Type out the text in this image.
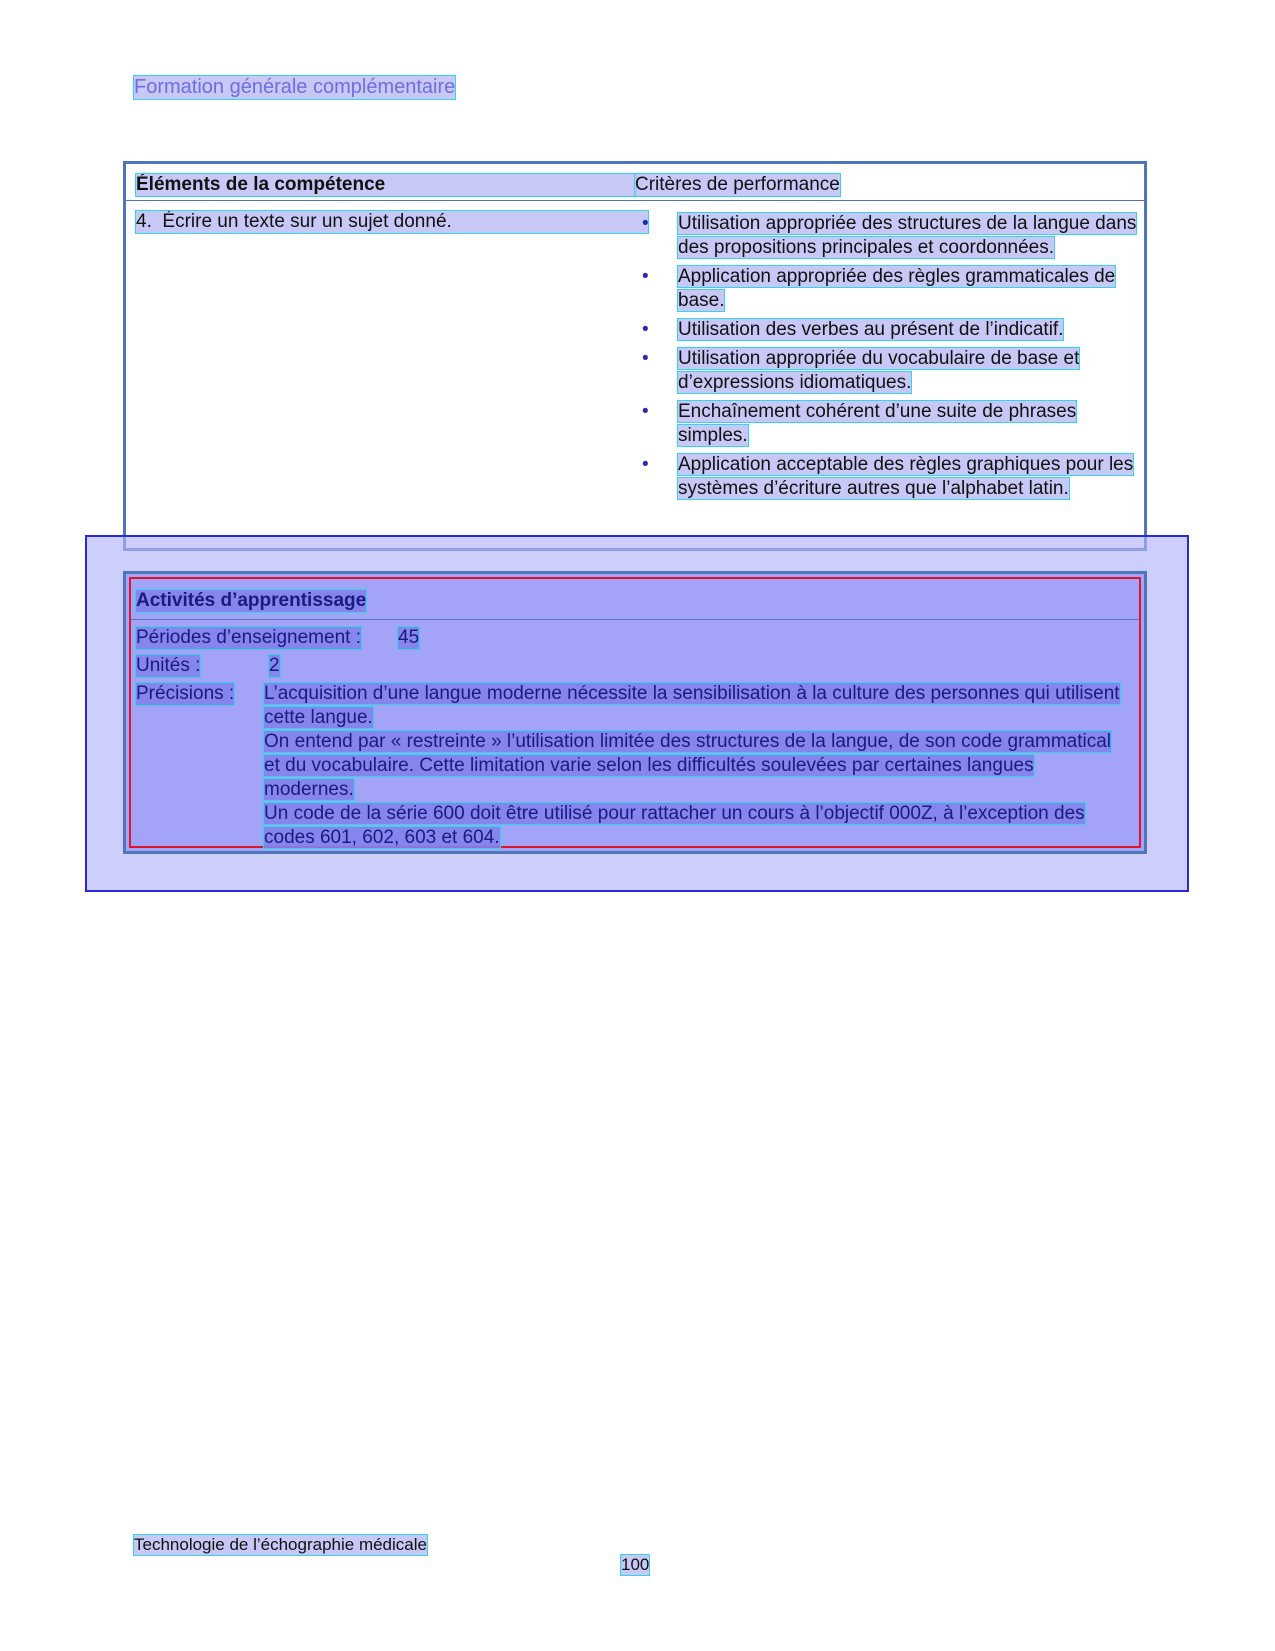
Formation générale complémentaire
Éléments de la compétence	Critères de performance
4.  Écrire un texte sur un sujet donné.	• Utilisation appropriée des structures de la langue dans des propositions principales et coordonnées.
• Application appropriée des règles grammaticales de base.
• Utilisation des verbes au présent de l’indicatif.
• Utilisation appropriée du vocabulaire de base et d’expressions idiomatiques.
• Enchaînement cohérent d’une suite de phrases simples.
• Application acceptable des règles graphiques pour les systèmes d’écriture autres que l’alphabet latin.
Activités d’apprentissage
Périodes d’enseignement : 45
Unités :	2
Précisions : L’acquisition d’une langue moderne nécessite la sensibilisation à la culture des personnes qui utilisent cette langue.

On entend par « restreinte » l’utilisation limitée des structures de la langue, de son code grammatical et du vocabulaire. Cette limitation varie selon les difficultés soulevées par certaines langues modernes.

Un code de la série 600 doit être utilisé pour rattacher un cours à l’objectif 000Z, à l’exception des codes 601, 602, 603 et 604.

Technologie de l’échographie médicale
100
